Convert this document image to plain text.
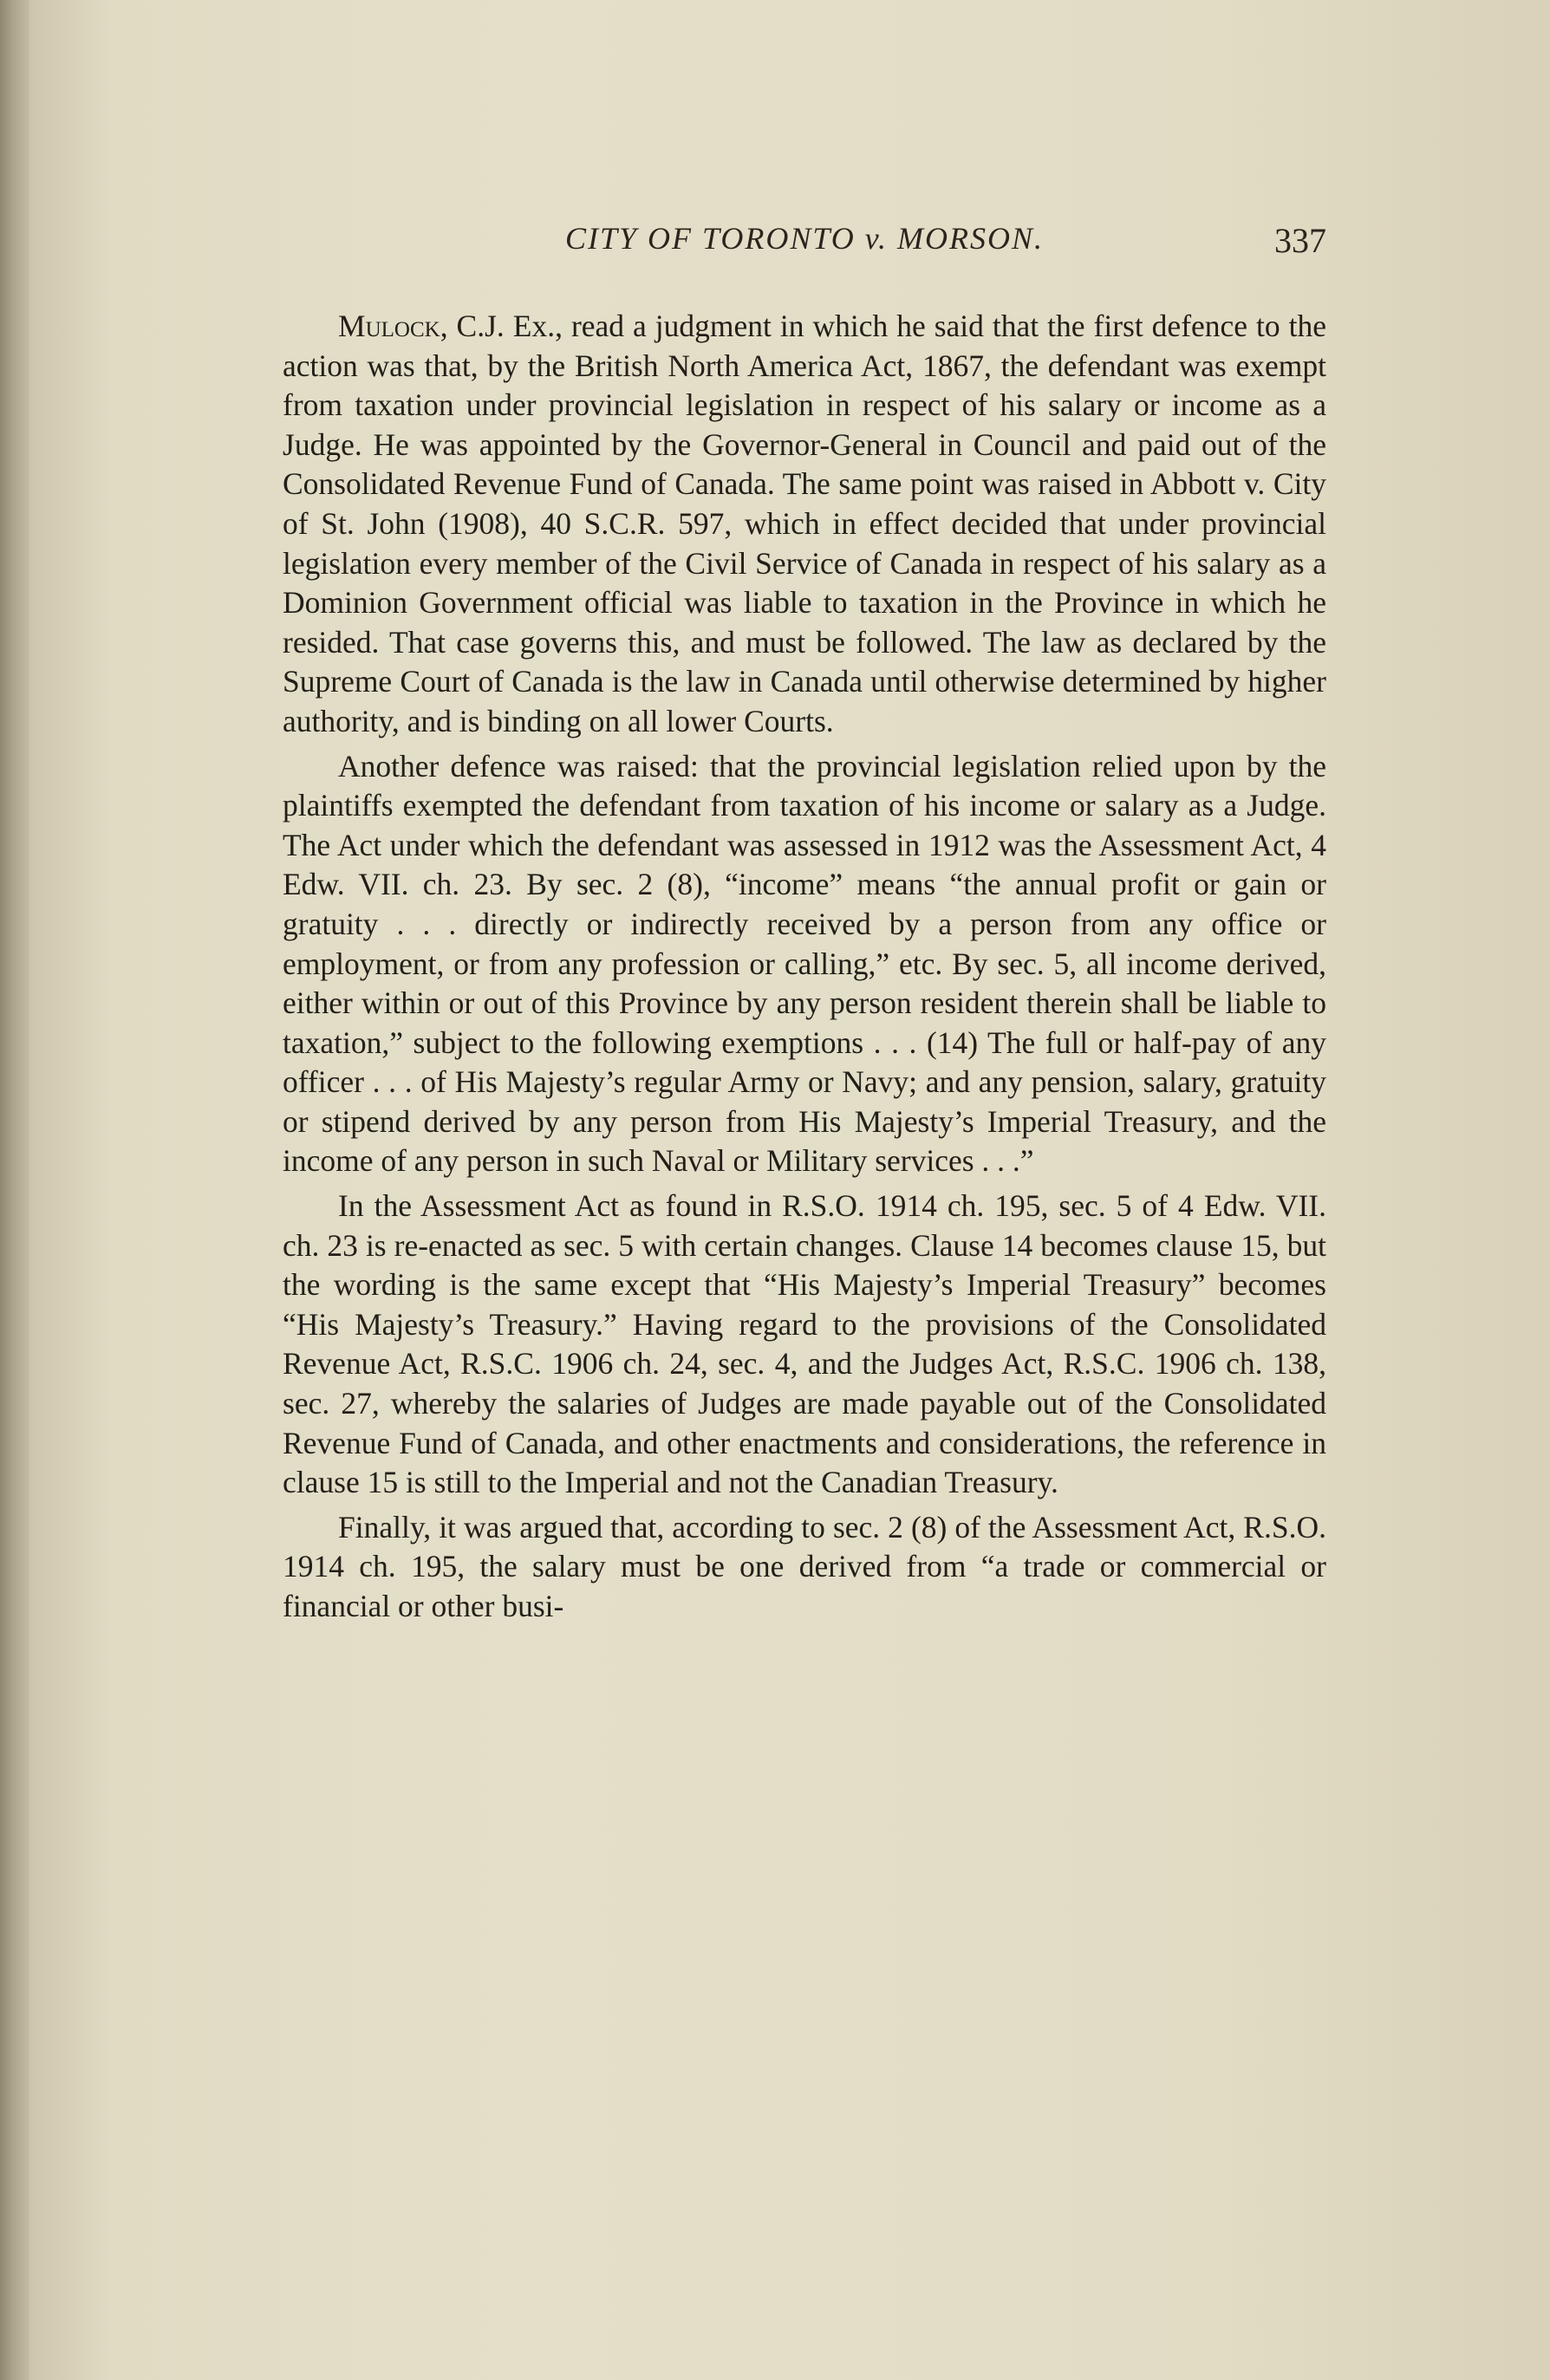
CITY OF TORONTO v. MORSON.	337

Mulock, C.J. Ex., read a judgment in which he said that the first defence to the action was that, by the British North America Act, 1867, the defendant was exempt from taxation under provincial legislation in respect of his salary or income as a Judge. He was appointed by the Governor-General in Council and paid out of the Consolidated Revenue Fund of Canada. The same point was raised in Abbott v. City of St. John (1908), 40 S.C.R. 597, which in effect decided that under provincial legislation every member of the Civil Service of Canada in respect of his salary as a Dominion Government official was liable to taxation in the Province in which he resided. That case governs this, and must be followed. The law as declared by the Supreme Court of Canada is the law in Canada until otherwise determined by higher authority, and is binding on all lower Courts.

Another defence was raised: that the provincial legislation relied upon by the plaintiffs exempted the defendant from taxation of his income or salary as a Judge. The Act under which the defendant was assessed in 1912 was the Assessment Act, 4 Edw. VII. ch. 23. By sec. 2 (8), “income” means “the annual profit or gain or gratuity . . . directly or indirectly received by a person from any office or employment, or from any profession or calling,” etc. By sec. 5, all income derived, either within or out of this Province by any person resident therein shall be liable to taxation,” subject to the following exemptions . . . (14) The full or half-pay of any officer . . . of His Majesty’s regular Army or Navy; and any pension, salary, gratuity or stipend derived by any person from His Majesty’s Imperial Treasury, and the income of any person in such Naval or Military services . . .”

In the Assessment Act as found in R.S.O. 1914 ch. 195, sec. 5 of 4 Edw. VII. ch. 23 is re-enacted as sec. 5 with certain changes. Clause 14 becomes clause 15, but the wording is the same except that “His Majesty’s Imperial Treasury” becomes “His Majesty’s Treasury.” Having regard to the provisions of the Consolidated Revenue Act, R.S.C. 1906 ch. 24, sec. 4, and the Judges Act, R.S.C. 1906 ch. 138, sec. 27, whereby the salaries of Judges are made payable out of the Consolidated Revenue Fund of Canada, and other enactments and considerations, the reference in clause 15 is still to the Imperial and not the Canadian Treasury.

Finally, it was argued that, according to sec. 2 (8) of the Assessment Act, R.S.O. 1914 ch. 195, the salary must be one derived from “a trade or commercial or financial or other busi-
